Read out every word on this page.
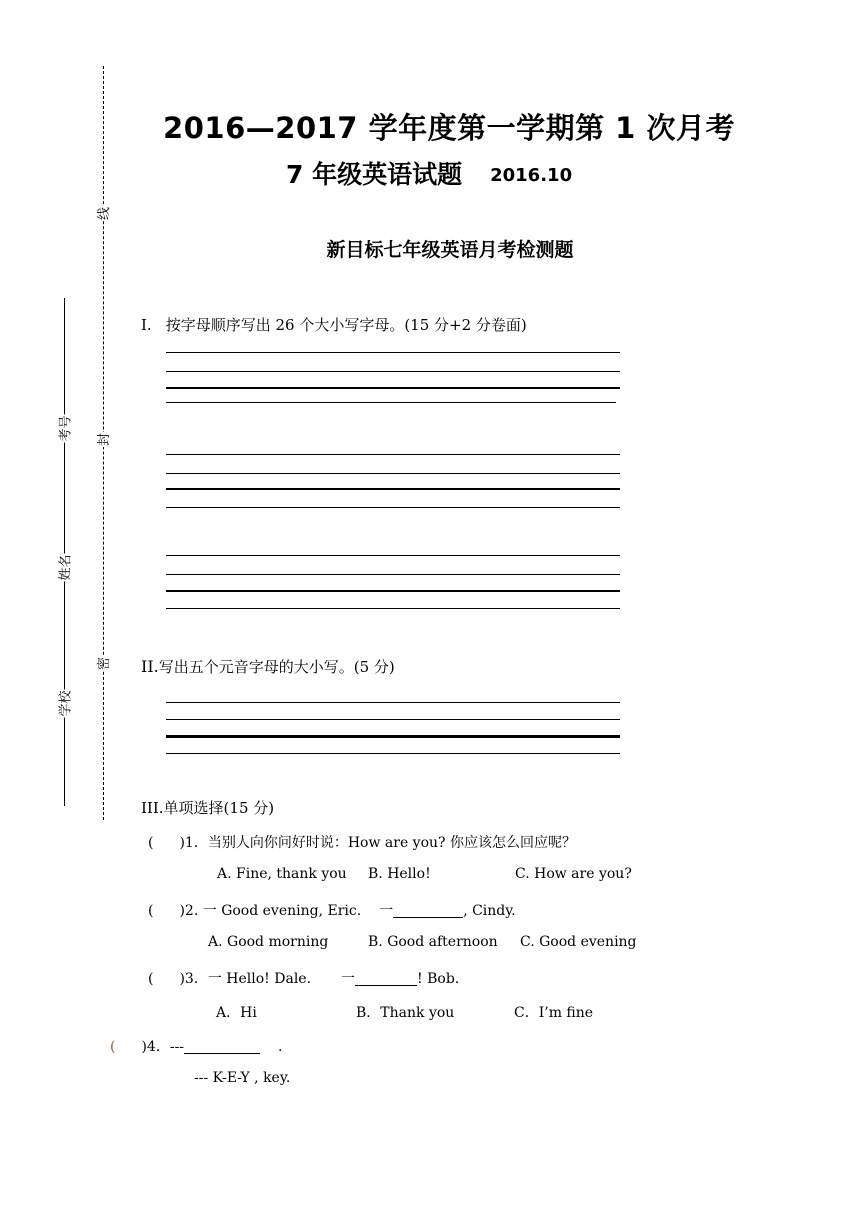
线
封
密
考号
姓名
学校
2016—2017 学年度第一学期第 1 次月考
7 年级英语试题 2016.10
新目标七年级英语月考检测题
I. 按字母顺序写出 26 个大小写字母。(15 分+2 分卷面)
II.写出五个元音字母的大小写。(5 分)
III.单项选择(15 分)
( )1．当别人向你问好时说：How are you? 你应该怎么回应呢？
A. Fine, thank you B. Hello!	C. How are you?
( )2. 一 Good evening, Eric. 一	, Cindy.
A. Good morning	B. Good afternoon C. Good evening
( )3．一 Hello! Dale. 一	! Bob.
A．Hi	B．Thank you	C．I’m fine
( )4．---	.
--- K-E-Y , key.
